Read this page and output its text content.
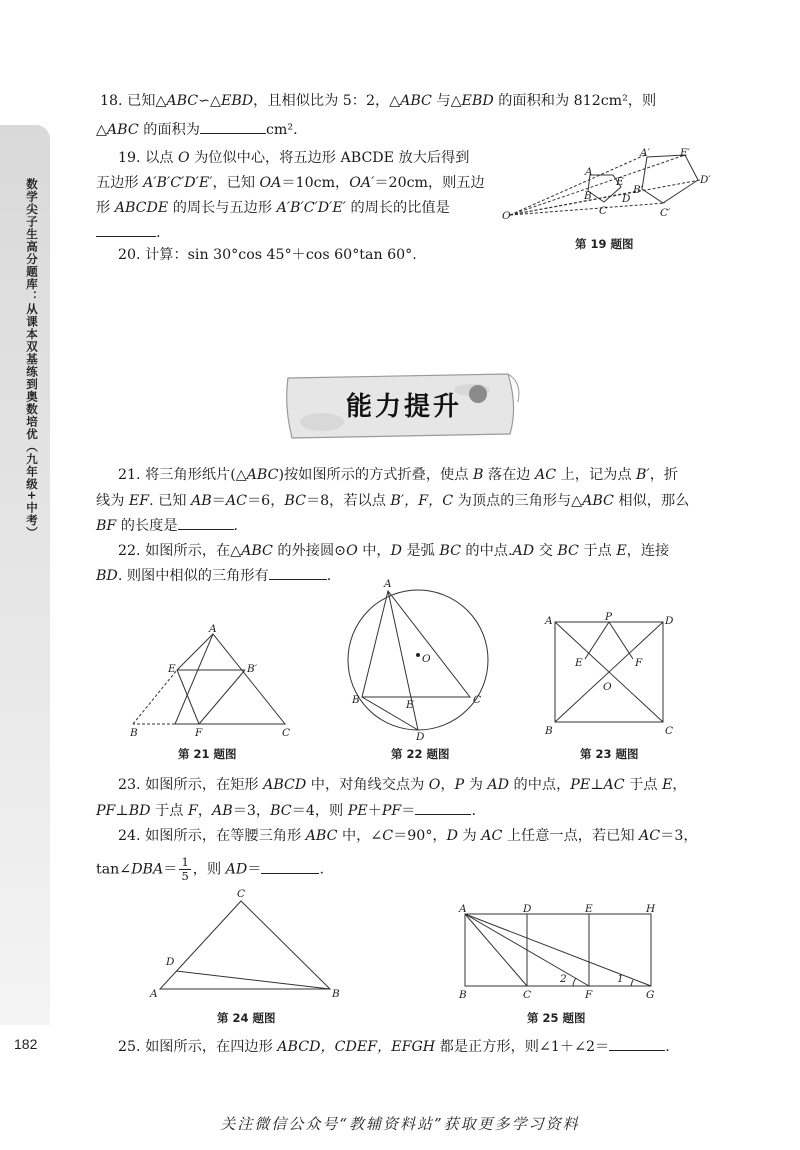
数学尖子生高分题库：从课本双基练到奥数培优（九年级+中考）
182

18. 已知△ABC∽△EBD，且相似比为 5：2，△ABC 与△EBD 的面积和为 812cm²，则

△ABC 的面积为	cm².

19. 以点 O 为位似中心，将五边形 ABCDE 放大后得到

五边形 A′B′C′D′E′，已知 OA＝10cm，OA′＝20cm，则五边

形 ABCDE 的周长与五边形 A′B′C′D′E′ 的周长的比值是

.

O
A
E
B	D
C
A′	E′
B′
D′
C′
第 19 题图

20. 计算：sin 30°cos 45°＋cos 60°tan 60°.

能力提升

21. 将三角形纸片(△ABC)按如图所示的方式折叠，使点 B 落在边 AC 上，记为点 B′，折

线为 EF. 已知 AB＝AC＝6，BC＝8，若以点 B′，F，C 为顶点的三角形与△ABC 相似，那么

BF 的长度是	.

22. 如图所示，在△ABC 的外接圆⊙O 中，D 是弧 BC 的中点.AD 交 BC 于点 E，连接

BD. 则图中相似的三角形有	.

A
E	B′
B	F	C
第 21 题图
A
O
B	C
E
D
第 22 题图
A	P	D
E	F
O
B	C
第 23 题图

23. 如图所示，在矩形 ABCD 中，对角线交点为 O，P 为 AD 的中点，PE⊥AC 于点 E，

PF⊥BD 于点 F，AB＝3，BC＝4，则 PE＋PF＝	.

24. 如图所示，在等腰三角形 ABC 中，∠C＝90°，D 为 AC 上任意一点，若已知 AC＝3，

tan∠DBA＝ $\frac{1}{5}$ ，则 AD＝	.

C
D
A	B
第 24 题图
A	D	E	H
B	C	F	G
2	1
第 25 题图

25. 如图所示，在四边形 ABCD，CDEF，EFGH 都是正方形，则∠1＋∠2＝	.

关注微信公众号“教辅资料站”获取更多学习资料
